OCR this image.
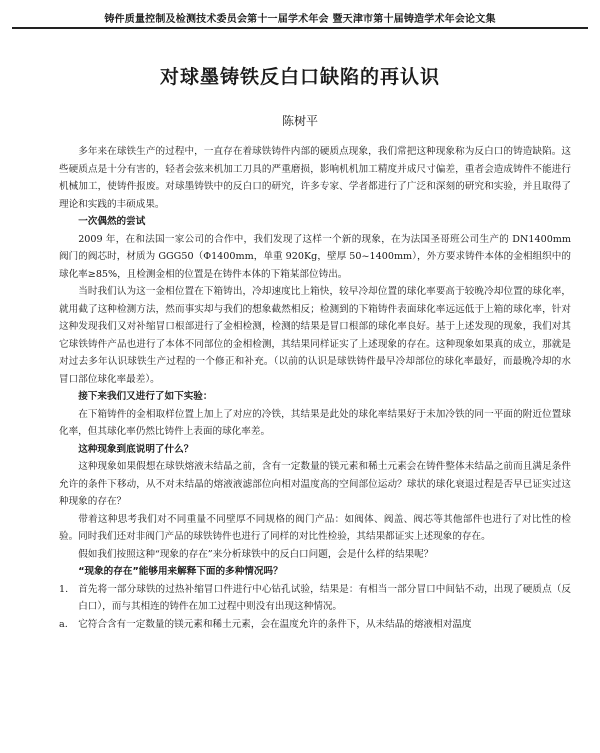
铸件质量控制及检测技术委员会第十一届学术年会 暨天津市第十届铸造学术年会论文集
对球墨铸铁反白口缺陷的再认识
陈树平

多年来在球铁生产的过程中，一直存在着球铁铸件内部的硬质点现象，我们常把这种现象称为反白口的铸造缺陷。这些硬质点是十分有害的，轻者会弦来机加工刀具的严重磨损，影响机机加工精度并成尺寸偏差，重者会造成铸件不能进行机械加工，使铸件报废。对球墨铸铁中的反白口的研究，许多专家、学者都进行了广泛和深刻的研究和实验，并且取得了理论和实践的丰硕成果。

一次偶然的尝试

2009 年，在和法国一家公司的合作中，我们发现了这样一个新的现象，在为法国圣哥班公司生产的 DN1400mm 阀门的阀芯时，材质为 GGG50（Φ1400mm，单重 920Kg，壁厚 50~1400mm），外方要求铸件本体的金相组织中的球化率≥85%，且检测金相的位置是在铸件本体的下箱某部位铸出。

当时我们认为这一金相位置在下箱铸出，冷却速度比上箱快，较早冷却位置的球化率要高于较晚冷却位置的球化率，就用截了这种检测方法，然而事实却与我们的想象截然相反；检测到的下箱铸件表面球化率远远低于上箱的球化率，针对这种发现我们又对补缩冒口根部进行了金相检测，检测的结果是冒口根部的球化率良好。基于上述发现的现象，我们对其它球铁铸件产品也进行了本体不同部位的金相检测，其结果同样证实了上述现象的存在。这种现象如果真的成立，那就是对过去多年认识球铁生产过程的一个修正和补充。（以前的认识是球铁铸件最早冷却部位的球化率最好，而最晚冷却的水冒口部位球化率最差）。

接下来我们又进行了如下实验：

在下箱铸件的金相取样位置上加上了对应的冷铁，其结果是此处的球化率结果好于未加冷铁的同一平面的附近位置球化率，但其球化率仍然比铸件上表面的球化率差。

这种现象到底说明了什么？

这种现象如果假想在球铁熔液未结晶之前，含有一定数量的镁元素和稀土元素会在铸件整体未结晶之前而且满足条件允许的条件下移动，从不对未结晶的熔液液滤部位向相对温度高的空间部位运动？球状的球化衰退过程是否早已证实过这种现象的存在？

带着这种思考我们对不同重量不同壁厚不同规格的阀门产品：如阀体、阀盖、阀芯等其他部件也进行了对比性的检验。同时我们还对非阀门产品的球铁铸件也进行了同样的对比性检验，其结果都证实上述现象的存在。

假如我们按照这种“现象的存在”来分析球铁中的反白口问题，会是什么样的结果呢？

“现象的存在”能够用来解释下面的多种情况吗？

1. 首先将一部分球铁的过热补缩冒口件进行中心钻孔试验，结果是：有相当一部分冒口中间钻不动，出现了硬质点（反白口），而与其相连的铸件在加工过程中则没有出现这种情况。

a. 它符合含有一定数量的镁元素和稀土元素，会在温度允许的条件下，从未结晶的熔液相对温度
